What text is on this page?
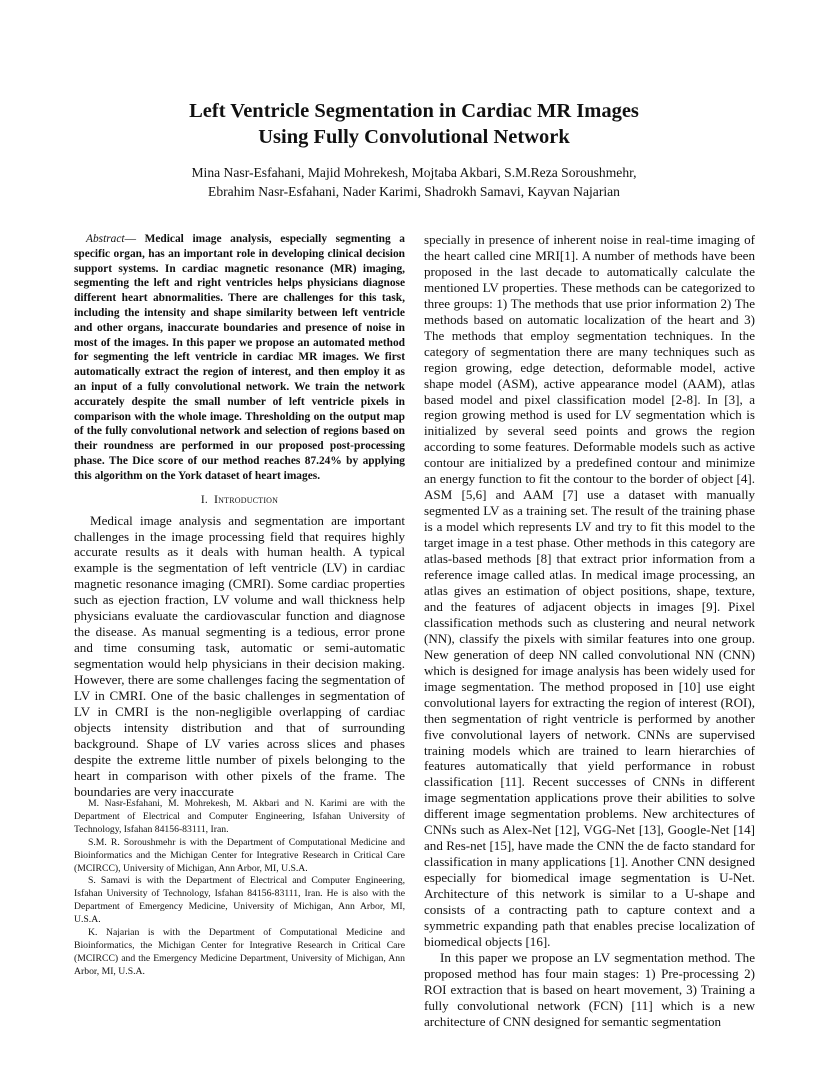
Left Ventricle Segmentation in Cardiac MR Images
Using Fully Convolutional Network
Mina Nasr-Esfahani, Majid Mohrekesh, Mojtaba Akbari, S.M.Reza Soroushmehr,
Ebrahim Nasr-Esfahani, Nader Karimi, Shadrokh Samavi, Kayvan Najarian

Abstract— Medical image analysis, especially segmenting a specific organ, has an important role in developing clinical decision support systems. In cardiac magnetic resonance (MR) imaging, segmenting the left and right ventricles helps physicians diagnose different heart abnormalities. There are challenges for this task, including the intensity and shape similarity between left ventricle and other organs, inaccurate boundaries and presence of noise in most of the images. In this paper we propose an automated method for segmenting the left ventricle in cardiac MR images. We first automatically extract the region of interest, and then employ it as an input of a fully convolutional network. We train the network accurately despite the small number of left ventricle pixels in comparison with the whole image. Thresholding on the output map of the fully convolutional network and selection of regions based on their roundness are performed in our proposed post-processing phase. The Dice score of our method reaches 87.24% by applying this algorithm on the York dataset of heart images.

I. Introduction

Medical image analysis and segmentation are important challenges in the image processing field that requires highly accurate results as it deals with human health. A typical example is the segmentation of left ventricle (LV) in cardiac magnetic resonance imaging (CMRI). Some cardiac properties such as ejection fraction, LV volume and wall thickness help physicians evaluate the cardiovascular function and diagnose the disease. As manual segmenting is a tedious, error prone and time consuming task, automatic or semi-automatic segmentation would help physicians in their decision making. However, there are some challenges facing the segmentation of LV in CMRI. One of the basic challenges in segmentation of LV in CMRI is the non-negligible overlapping of cardiac objects intensity distribution and that of surrounding background. Shape of LV varies across slices and phases despite the extreme little number of pixels belonging to the heart in comparison with other pixels of the frame. The boundaries are very inaccurate

M. Nasr-Esfahani, M. Mohrekesh, M. Akbari and N. Karimi are with the Department of Electrical and Computer Engineering, Isfahan University of Technology, Isfahan 84156-83111, Iran.

S.M. R. Soroushmehr is with the Department of Computational Medicine and Bioinformatics and the Michigan Center for Integrative Research in Critical Care (MCIRCC), University of Michigan, Ann Arbor, MI, U.S.A.

S. Samavi is with the Department of Electrical and Computer Engineering, Isfahan University of Technology, Isfahan 84156-83111, Iran. He is also with the Department of Emergency Medicine, University of Michigan, Ann Arbor, MI, U.S.A.

K. Najarian is with the Department of Computational Medicine and Bioinformatics, the Michigan Center for Integrative Research in Critical Care (MCIRCC) and the Emergency Medicine Department, University of Michigan, Ann Arbor, MI, U.S.A.

specially in presence of inherent noise in real-time imaging of the heart called cine MRI[1]. A number of methods have been proposed in the last decade to automatically calculate the mentioned LV properties. These methods can be categorized to three groups: 1) The methods that use prior information 2) The methods based on automatic localization of the heart and 3) The methods that employ segmentation techniques. In the category of segmentation there are many techniques such as region growing, edge detection, deformable model, active shape model (ASM), active appearance model (AAM), atlas based model and pixel classification model [2-8]. In [3], a region growing method is used for LV segmentation which is initialized by several seed points and grows the region according to some features. Deformable models such as active contour are initialized by a predefined contour and minimize an energy function to fit the contour to the border of object [4]. ASM [5,6] and AAM [7] use a dataset with manually segmented LV as a training set. The result of the training phase is a model which represents LV and try to fit this model to the target image in a test phase. Other methods in this category are atlas-based methods [8] that extract prior information from a reference image called atlas. In medical image processing, an atlas gives an estimation of object positions, shape, texture, and the features of adjacent objects in images [9]. Pixel classification methods such as clustering and neural network (NN), classify the pixels with similar features into one group. New generation of deep NN called convolutional NN (CNN) which is designed for image analysis has been widely used for image segmentation. The method proposed in [10] use eight convolutional layers for extracting the region of interest (ROI), then segmentation of right ventricle is performed by another five convolutional layers of network. CNNs are supervised training models which are trained to learn hierarchies of features automatically that yield performance in robust classification [11]. Recent successes of CNNs in different image segmentation applications prove their abilities to solve different image segmentation problems. New architectures of CNNs such as Alex-Net [12], VGG-Net [13], Google-Net [14] and Res-net [15], have made the CNN the de facto standard for classification in many applications [1]. Another CNN designed especially for biomedical image segmentation is U-Net. Architecture of this network is similar to a U-shape and consists of a contracting path to capture context and a symmetric expanding path that enables precise localization of biomedical objects [16].

In this paper we propose an LV segmentation method. The proposed method has four main stages: 1) Pre-processing 2) ROI extraction that is based on heart movement, 3) Training a fully convolutional network (FCN) [11] which is a new architecture of CNN designed for semantic segmentation
